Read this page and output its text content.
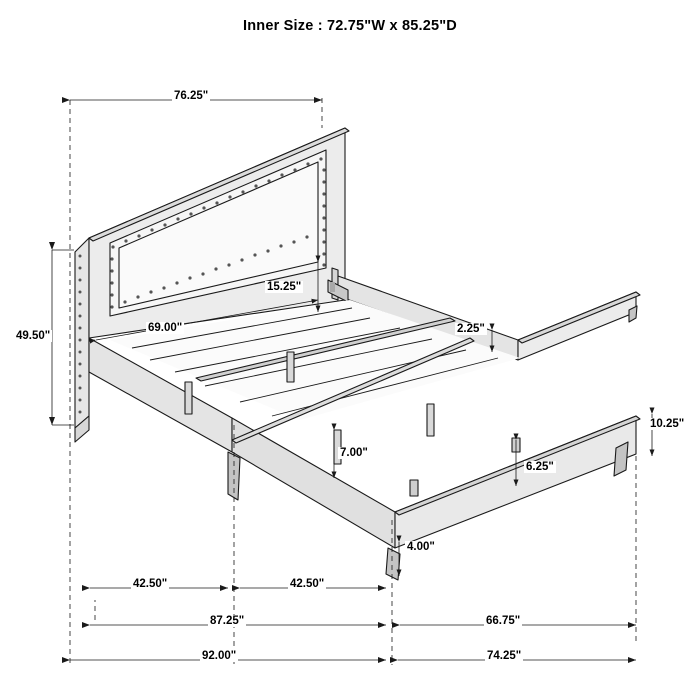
Inner Size : 72.75"W x 85.25"D
76.25"
15.25"
69.00"
49.50"
2.25"
10.25"
7.00"
6.25"
4.00"
42.50"	42.50"
87.25"	66.75"
92.00"	74.25"
